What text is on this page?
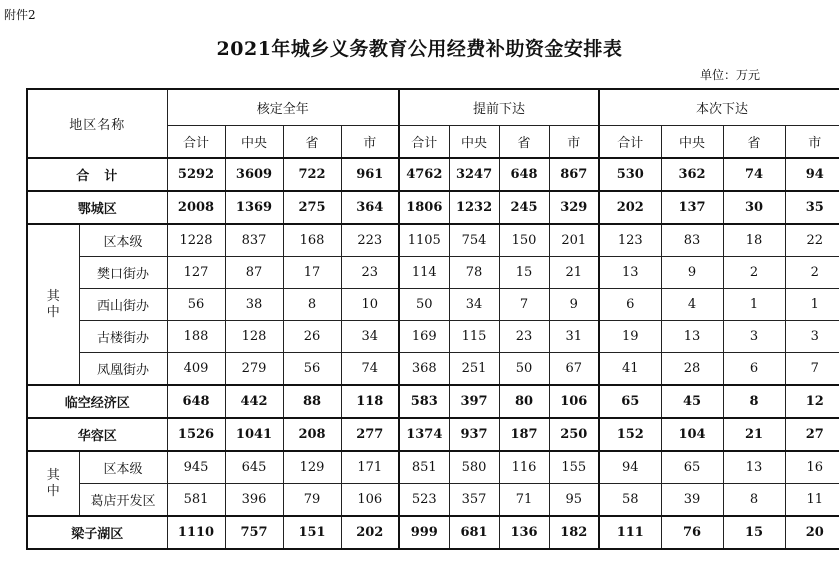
附件2
2021年城乡义务教育公用经费补助资金安排表
单位：万元
地区名称		核定全年				提前下达				本次下达			
		合计	中央	省	市	合计	中央	省	市	合计	中央	省	市
合　计		5292	3609	722	961	4762	3247	648	867	530	362	74	94
鄂城区		2008	1369	275	364	1806	1232	245	329	202	137	30	35
其
中	区本级	1228	837	168	223	1105	754	150	201	123	83	18	22
	樊口街办	127	87	17	23	114	78	15	21	13	9	2	2
	西山街办	56	38	8	10	50	34	7	9	6	4	1	1
	古楼街办	188	128	26	34	169	115	23	31	19	13	3	3
	凤凰街办	409	279	56	74	368	251	50	67	41	28	6	7
临空经济区		648	442	88	118	583	397	80	106	65	45	8	12
华容区		1526	1041	208	277	1374	937	187	250	152	104	21	27
其
中	区本级	945	645	129	171	851	580	116	155	94	65	13	16
	葛店开发区	581	396	79	106	523	357	71	95	58	39	8	11
梁子湖区		1110	757	151	202	999	681	136	182	111	76	15	20
